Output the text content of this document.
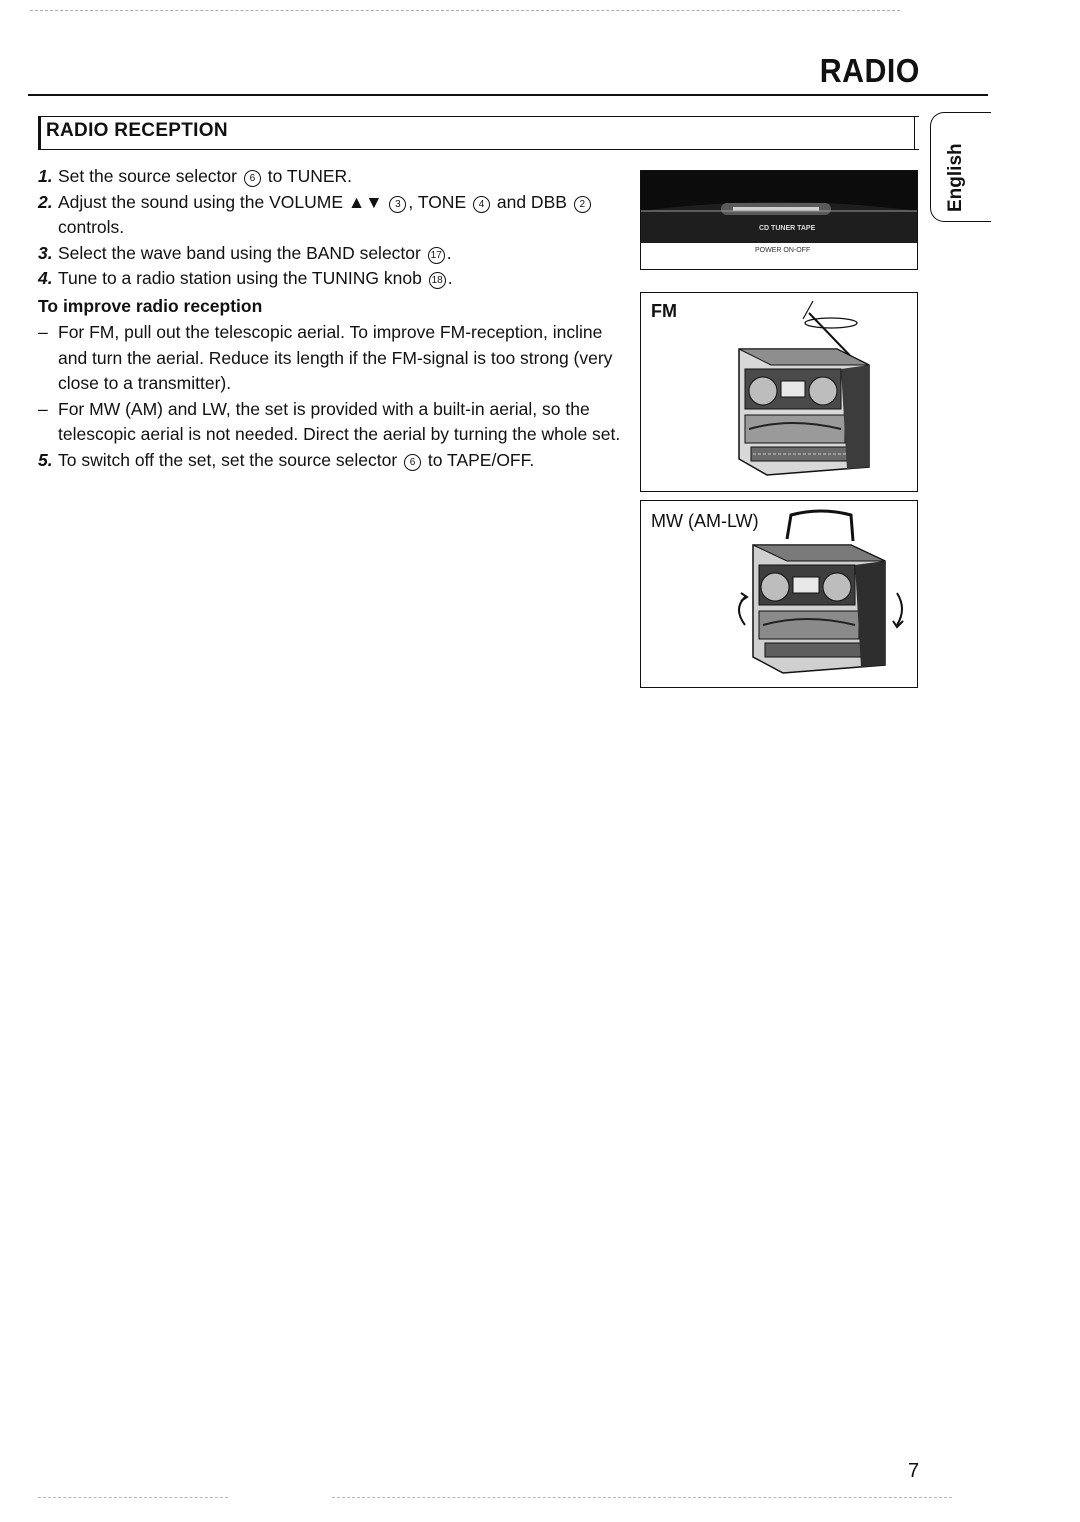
RADIO
RADIO RECEPTION
English

1. Set the source selector 6 to TUNER.

2. Adjust the sound using the VOLUME ▲▼ 3 , TONE 4 and DBB 2
controls.

3. Select the wave band using the BAND selector 17 .

4. Tune to a radio station using the TUNING knob 18 .

To improve radio reception

– For FM, pull out the telescopic aerial. To improve FM-reception, incline and turn the aerial. Reduce its length if the FM-signal is too strong (very close to a transmitter).

– For MW (AM) and LW, the set is provided with a built-in aerial, so the telescopic aerial is not needed. Direct the aerial by turning the whole set.

5. To switch off the set, set the source selector 6 to TAPE/OFF.

CD TUNER TAPE
POWER ON-OFF
FM
MW (AM-LW)
7
